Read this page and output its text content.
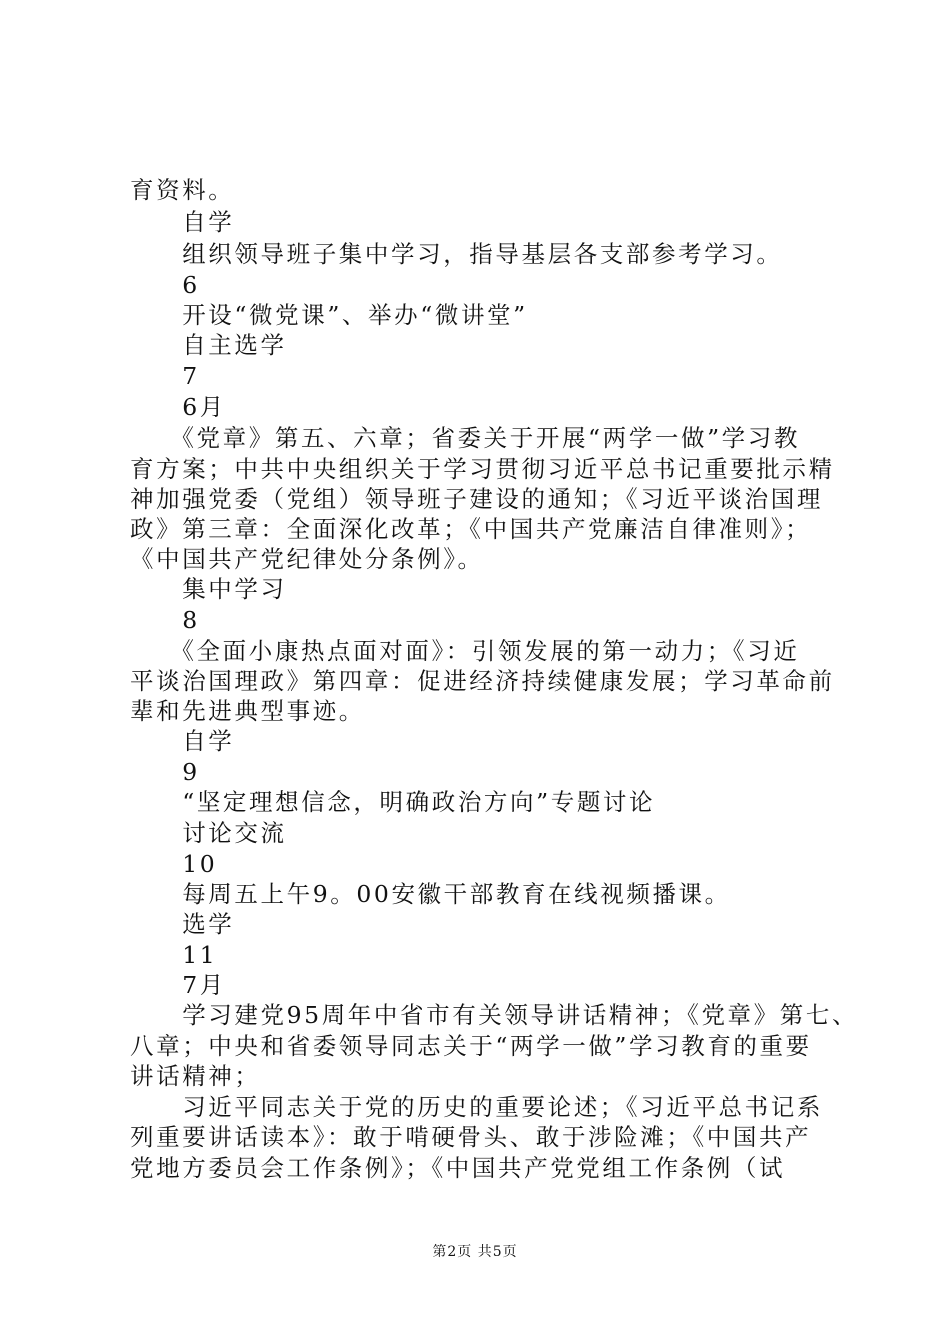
育资料。
　　自学
　　组织领导班子集中学习，指导基层各支部参考学习。
　　6
　　开设“微党课”、举办“微讲堂”
　　自主选学
　　7
　　6月
　　《党章》第五、六章；省委关于开展“两学一做”学习教
育方案；中共中央组织关于学习贯彻习近平总书记重要批示精
神加强党委（党组）领导班子建设的通知；《习近平谈治国理
政》第三章：全面深化改革；《中国共产党廉洁自律准则》；
《中国共产党纪律处分条例》。
　　集中学习
　　8
　　《全面小康热点面对面》：引领发展的第一动力；《习近
平谈治国理政》第四章：促进经济持续健康发展；学习革命前
辈和先进典型事迹。
　　自学
　　9
　　“坚定理想信念，明确政治方向”专题讨论
　　讨论交流
　　10
　　每周五上午9。00安徽干部教育在线视频播课。
　　选学
　　11
　　7月
　　学习建党95周年中省市有关领导讲话精神；《党章》第七、
八章；中央和省委领导同志关于“两学一做”学习教育的重要
讲话精神；
　　习近平同志关于党的历史的重要论述；《习近平总书记系
列重要讲话读本》：敢于啃硬骨头、敢于涉险滩；《中国共产
党地方委员会工作条例》；《中国共产党党组工作条例（试
第2页 共5页
